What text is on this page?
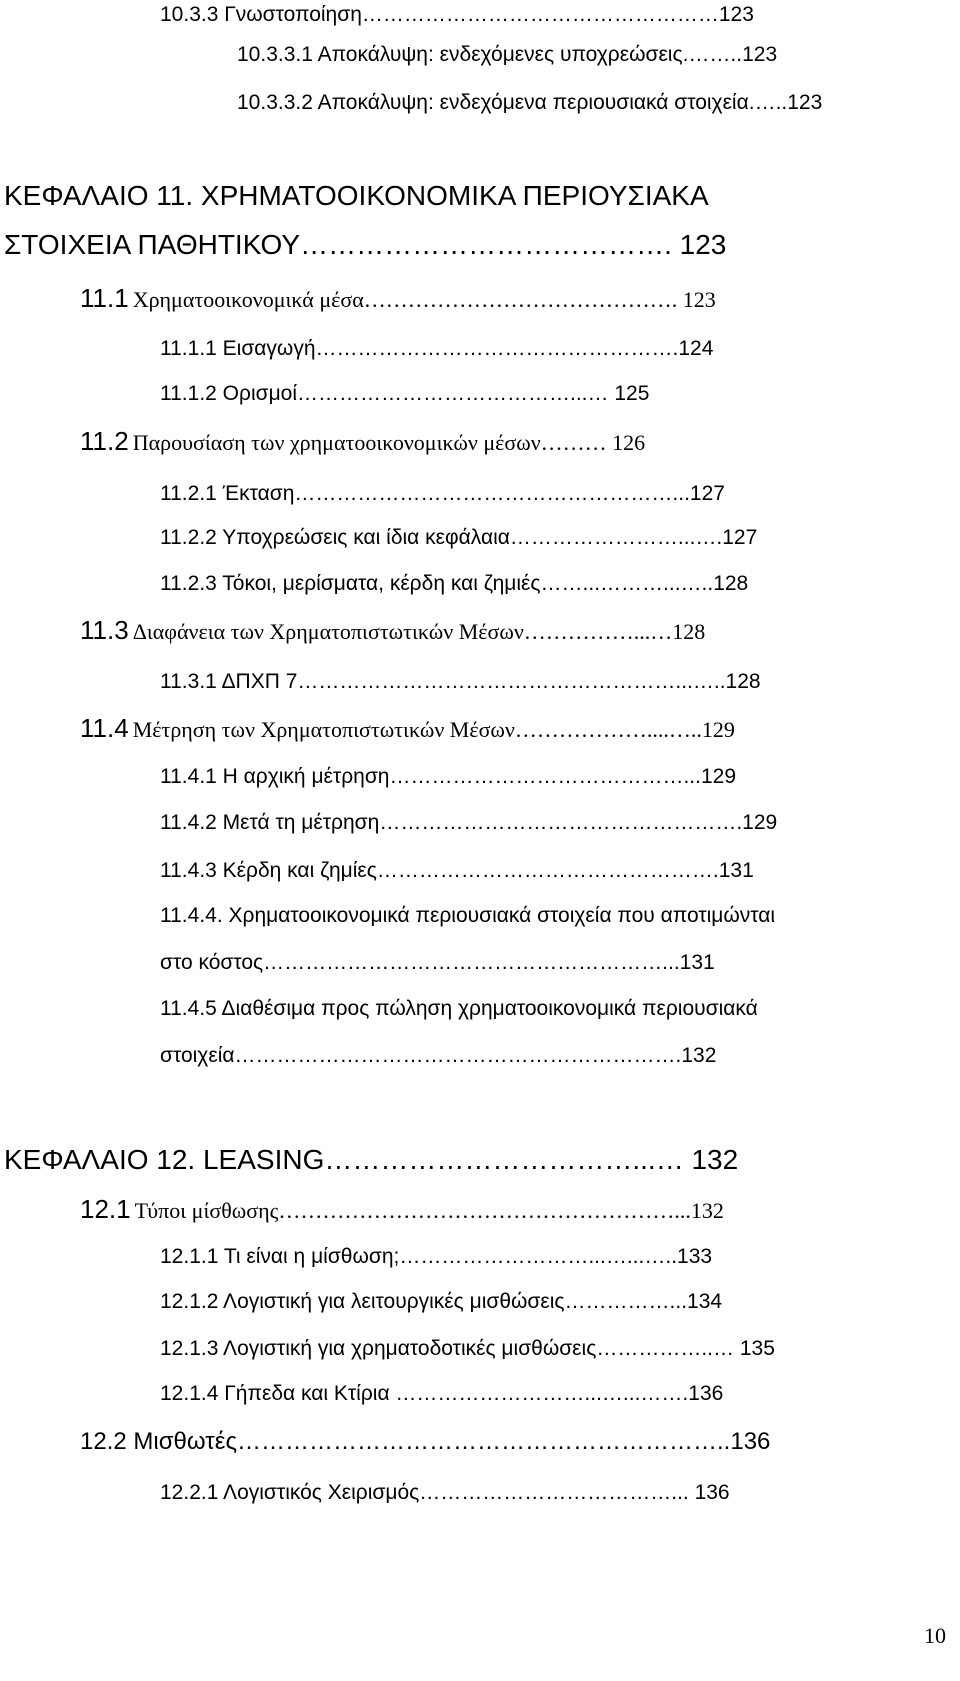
10.3.3 Γνωστοποίηση……………………………………………123
10.3.3.1 Αποκάλυψη: ενδεχόμενες υποχρεώσεις.……..123
10.3.3.2 Αποκάλυψη: ενδεχόμενα περιουσιακά στοιχεία.…..123
ΚΕΦΑΛΑΙΟ 11. ΧΡΗΜΑΤΟΟΙΚΟΝΟΜΙΚΑ ΠΕΡΙΟΥΣΙΑΚΑ
ΣΤΟΙΧΕΙΑ ΠΑΘΗΤΙΚΟΥ…………………………………. 123
11.1 Χρηματοοικονομικά μέσα……………………………………. 123
11.1.1 Εισαγωγή…………………………………………….124
11.1.2 Ορισμοί…………………………………...… 125
11.2 Παρουσίαση των χρηματοοικονομικών μέσων……… 126
11.2.1 Έκταση………………………………………………...127
11.2.2 Υποχρεώσεις και ίδια κεφάλαια……………………...….127
11.2.3 Τόκοι, μερίσματα, κέρδη και ζημιές……...………...…..128
11.3 Διαφάνεια των Χρηματοπιστωτικών Μέσων……………...…128
11.3.1 ΔΠΧΠ 7………………………………………………...…..128
11.4 Μέτρηση των Χρηματοπιστωτικών Μέσων………………....…..129
11.4.1 Η αρχική μέτρηση……………………………………...129
11.4.2 Μετά τη μέτρηση…………………………………………….129
11.4.3 Κέρδη και ζημίες………………………………………….131
11.4.4. Χρηματοοικονομικά περιουσιακά στοιχεία που αποτιμώνται
στο κόστος…………………………………………………...131
11.4.5 Διαθέσιμα προς πώληση χρηματοοικονομικά περιουσιακά
στοιχεία……………………………………………………….132
ΚΕΦΑΛΑΙΟ 12. LEASING……………………………...… 132
12.1 Τύποι μίσθωσης………………………………………………...132
12.1.1 Τι είναι η μίσθωση;………………………...…...…..133
12.1.2 Λογιστική για λειτουργικές μισθώσεις……………...134
12.1.3 Λογιστική για χρηματοδοτικές μισθώσεις……………..… 135
12.1.4 Γήπεδα και Κτίρια ………………………...…...…….136
12.2 Μισθωτές……………………………………………………..136
12.2.1 Λογιστικός Χειρισμός………………………………... 136
10
